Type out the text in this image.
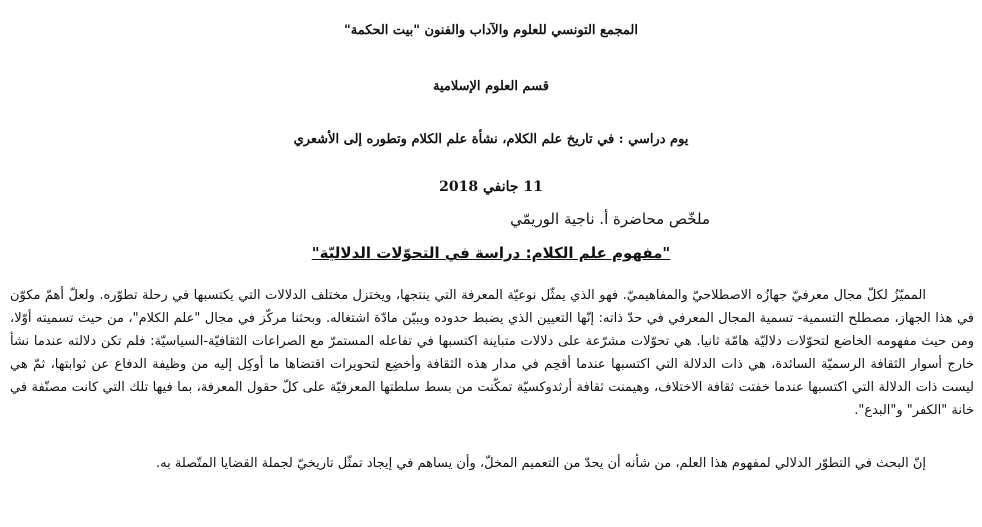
المجمع التونسي للعلوم والآداب والفنون "بيت الحكمة"
قسم العلوم الإسلامية
يوم دراسي : في تاريخ علم الكلام، نشأة علم الكلام وتطوره إلى الأشعري
11 جانفي 2018
ملخّص محاضرة أ. ناجية الوريمّي
"مفهوم علم الكلام: دراسة في التحوّلات الدلاليّة"

المميّزُ لكلّ مجال معرفيّ جهازُه الاصطلاحيّ والمفاهيميّ. فهو الذي يمثّل نوعيّة المعرفة التي ينتجها، ويختزل مختلف الدلالات التي يكتسبها في رحلة تطوّره. ولعلّ أهمّ مكوّن في هذا الجهاز، مصطلح التسمية- تسمية المجال المعرفي في حدّ ذاته: إنّها التعيين الذي يضبط حدوده ويبيّن مادّة اشتغاله. وبحثنا مركّز في مجال "علم الكلام"، من حيث تسميته أوّلا، ومن حيث مفهومه الخاضع لتحوّلات دلاليّة هامّة ثانيا. هي تحوّلات مشرّعة على دلالات متباينة اكتسبها في تفاعله المستمرّ مع الصراعات الثقافيّة-السياسيّة: فلم تكن دلالته عندما نشأ خارج أسوار الثقافة الرسميّة السائدة، هي ذات الدلالة التي اكتسبها عندما أقحِم في مدار هذه الثقافة وأخضِع لتحويرات اقتضاها ما أوكِل إليه من وظيفة الدفاع عن ثوابتها، ثمّ هي ليست ذات الدلالة التي اكتسبها عندما خفتت ثقافة الاختلاف، وهيمنت ثقافة أرثدوكسيّة تمكّنت من بسط سلطتها المعرفيّة على كلّ حقول المعرفة، بما فيها تلك التي كانت مصنّفة في خانة "الكفر" و"البدع".

إنّ البحث في التطوّر الدلالي لمفهوم هذا العلم، من شأنه أن يحدّ من التعميم المخلّ، وأن يساهم في إيجاد تمثّل تاريخيّ لجملة القضايا المتّصلة به.
